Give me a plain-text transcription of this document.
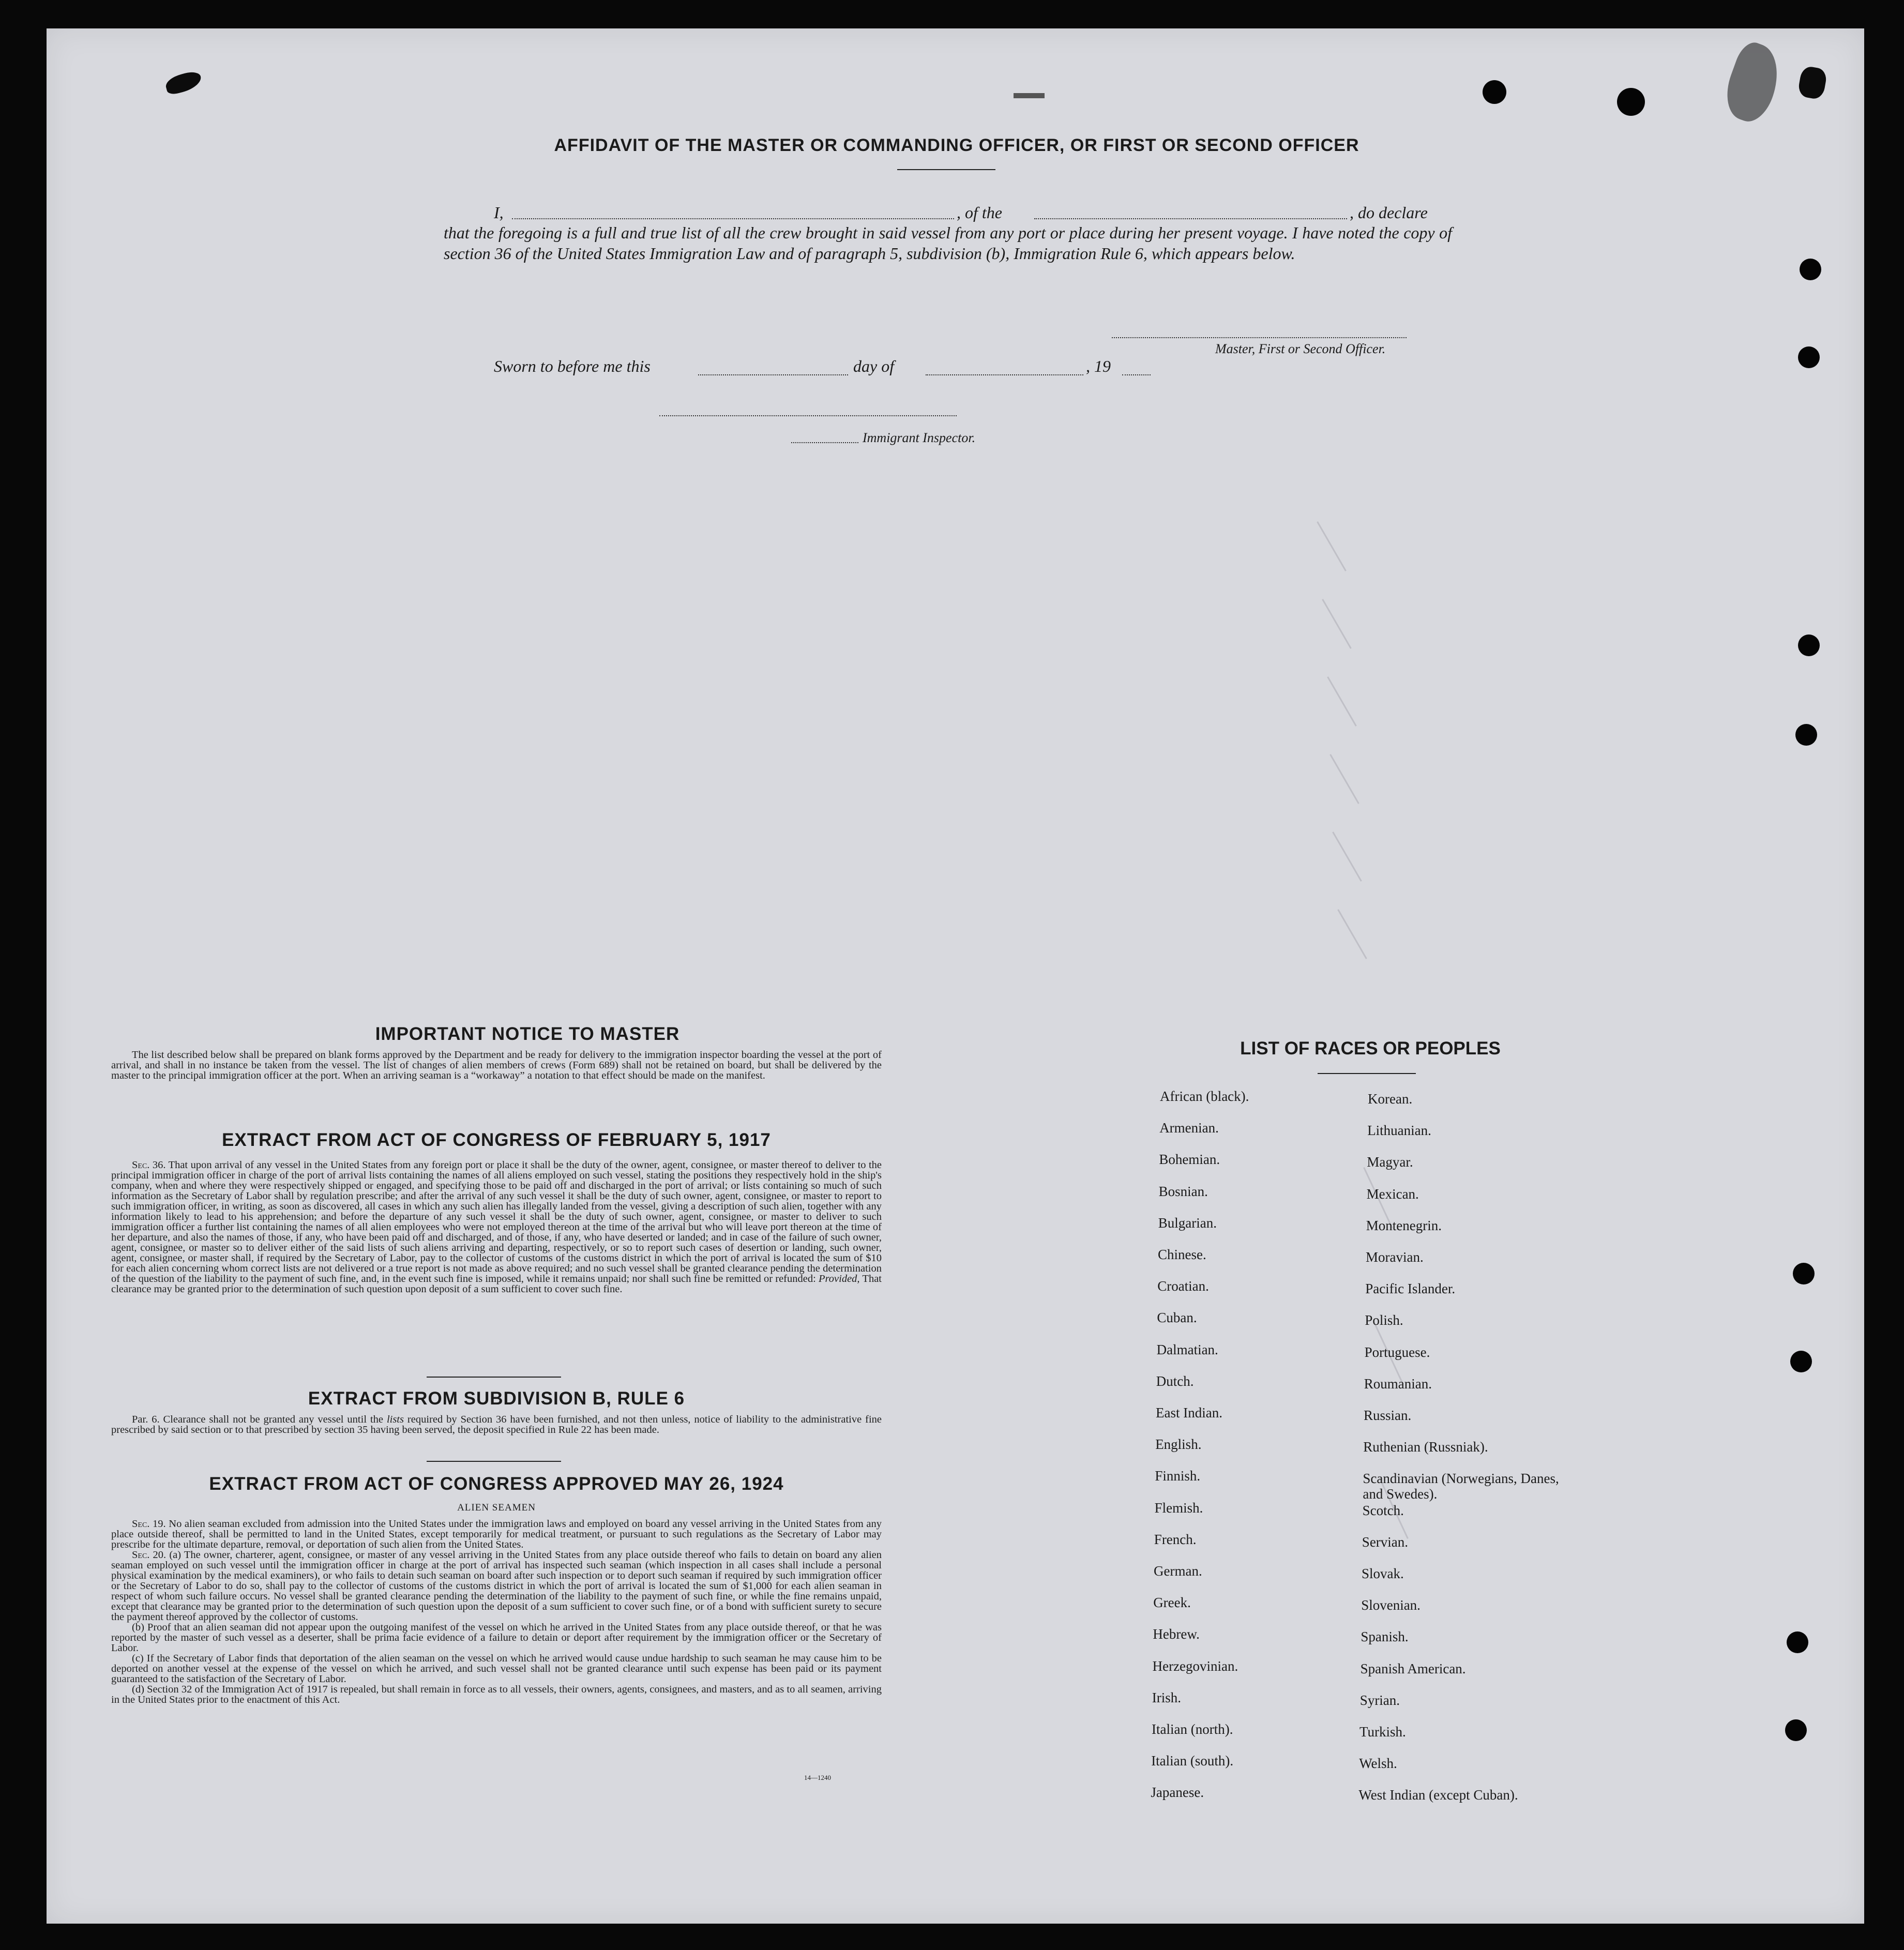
AFFIDAVIT OF THE MASTER OR COMMANDING OFFICER, OR FIRST OR SECOND OFFICER
I,	, of the	, do declare
that the foregoing is a full and true list of all the crew brought in said vessel from any port or place during her present voyage. I have noted the copy of section 36 of the United States Immigration Law and of paragraph 5, subdivision (b), Immigration Rule 6, which appears below.
Master, First or Second Officer.
Sworn to before me this	day of	, 19
Immigrant Inspector.
IMPORTANT NOTICE TO MASTER

The list described below shall be prepared on blank forms approved by the Department and be ready for delivery to the immigration inspector boarding the vessel at the port of arrival, and shall in no instance be taken from the vessel. The list of changes of alien members of crews (Form 689) shall not be retained on board, but shall be delivered by the master to the principal immigration officer at the port. When an arriving seaman is a “workaway” a notation to that effect should be made on the manifest.

EXTRACT FROM ACT OF CONGRESS OF FEBRUARY 5, 1917

Sec. 36. That upon arrival of any vessel in the United States from any foreign port or place it shall be the duty of the owner, agent, consignee, or master thereof to deliver to the principal immigration officer in charge of the port of arrival lists containing the names of all aliens employed on such vessel, stating the positions they respectively hold in the ship's company, when and where they were respectively shipped or engaged, and specifying those to be paid off and discharged in the port of arrival; or lists containing so much of such information as the Secretary of Labor shall by regulation prescribe; and after the arrival of any such vessel it shall be the duty of such owner, agent, consignee, or master to report to such immigration officer, in writing, as soon as discovered, all cases in which any such alien has illegally landed from the vessel, giving a description of such alien, together with any information likely to lead to his apprehension; and before the departure of any such vessel it shall be the duty of such owner, agent, consignee, or master to deliver to such immigration officer a further list containing the names of all alien employees who were not employed thereon at the time of the arrival but who will leave port thereon at the time of her departure, and also the names of those, if any, who have been paid off and discharged, and of those, if any, who have deserted or landed; and in case of the failure of such owner, agent, consignee, or master so to deliver either of the said lists of such aliens arriving and departing, respectively, or so to report such cases of desertion or landing, such owner, agent, consignee, or master shall, if required by the Secretary of Labor, pay to the collector of customs of the customs district in which the port of arrival is located the sum of $10 for each alien concerning whom correct lists are not delivered or a true report is not made as above required; and no such vessel shall be granted clearance pending the determination of the question of the liability to the payment of such fine, and, in the event such fine is imposed, while it remains unpaid; nor shall such fine be remitted or refunded: Provided, That clearance may be granted prior to the determination of such question upon deposit of a sum sufficient to cover such fine.

EXTRACT FROM SUBDIVISION B, RULE 6

Par. 6. Clearance shall not be granted any vessel until the lists required by Section 36 have been furnished, and not then unless, notice of liability to the administrative fine prescribed by said section or to that prescribed by section 35 having been served, the deposit specified in Rule 22 has been made.

EXTRACT FROM ACT OF CONGRESS APPROVED MAY 26, 1924
ALIEN SEAMEN

Sec. 19. No alien seaman excluded from admission into the United States under the immigration laws and employed on board any vessel arriving in the United States from any place outside thereof, shall be permitted to land in the United States, except temporarily for medical treatment, or pursuant to such regulations as the Secretary of Labor may prescribe for the ultimate departure, removal, or deportation of such alien from the United States.

Sec. 20. (a) The owner, charterer, agent, consignee, or master of any vessel arriving in the United States from any place outside thereof who fails to detain on board any alien seaman employed on such vessel until the immigration officer in charge at the port of arrival has inspected such seaman (which inspection in all cases shall include a personal physical examination by the medical examiners), or who fails to detain such seaman on board after such inspection or to deport such seaman if required by such immigration officer or the Secretary of Labor to do so, shall pay to the collector of customs of the customs district in which the port of arrival is located the sum of $1,000 for each alien seaman in respect of whom such failure occurs. No vessel shall be granted clearance pending the determination of the liability to the payment of such fine, or while the fine remains unpaid, except that clearance may be granted prior to the determination of such question upon the deposit of a sum sufficient to cover such fine, or of a bond with sufficient surety to secure the payment thereof approved by the collector of customs.

(b) Proof that an alien seaman did not appear upon the outgoing manifest of the vessel on which he arrived in the United States from any place outside thereof, or that he was reported by the master of such vessel as a deserter, shall be prima facie evidence of a failure to detain or deport after requirement by the immigration officer or the Secretary of Labor.

(c) If the Secretary of Labor finds that deportation of the alien seaman on the vessel on which he arrived would cause undue hardship to such seaman he may cause him to be deported on another vessel at the expense of the vessel on which he arrived, and such vessel shall not be granted clearance until such expense has been paid or its payment guaranteed to the satisfaction of the Secretary of Labor.

(d) Section 32 of the Immigration Act of 1917 is repealed, but shall remain in force as to all vessels, their owners, agents, consignees, and masters, and as to all seamen, arriving in the United States prior to the enactment of this Act.

14—1240
LIST OF RACES OR PEOPLES
African (black).
Armenian.
Bohemian.
Bosnian.
Bulgarian.
Chinese.
Croatian.
Cuban.
Dalmatian.
Dutch.
East Indian.
English.
Finnish.
Flemish.
French.
German.
Greek.
Hebrew.
Herzegovinian.
Irish.
Italian (north).
Italian (south).
Japanese.
Korean.
Lithuanian.
Magyar.
Mexican.
Montenegrin.
Moravian.
Pacific Islander.
Polish.
Portuguese.
Roumanian.
Russian.
Ruthenian (Russniak).
Scandinavian (Norwegians, Danes, and Swedes).
Scotch.
Servian.
Slovak.
Slovenian.
Spanish.
Spanish American.
Syrian.
Turkish.
Welsh.
West Indian (except Cuban).
